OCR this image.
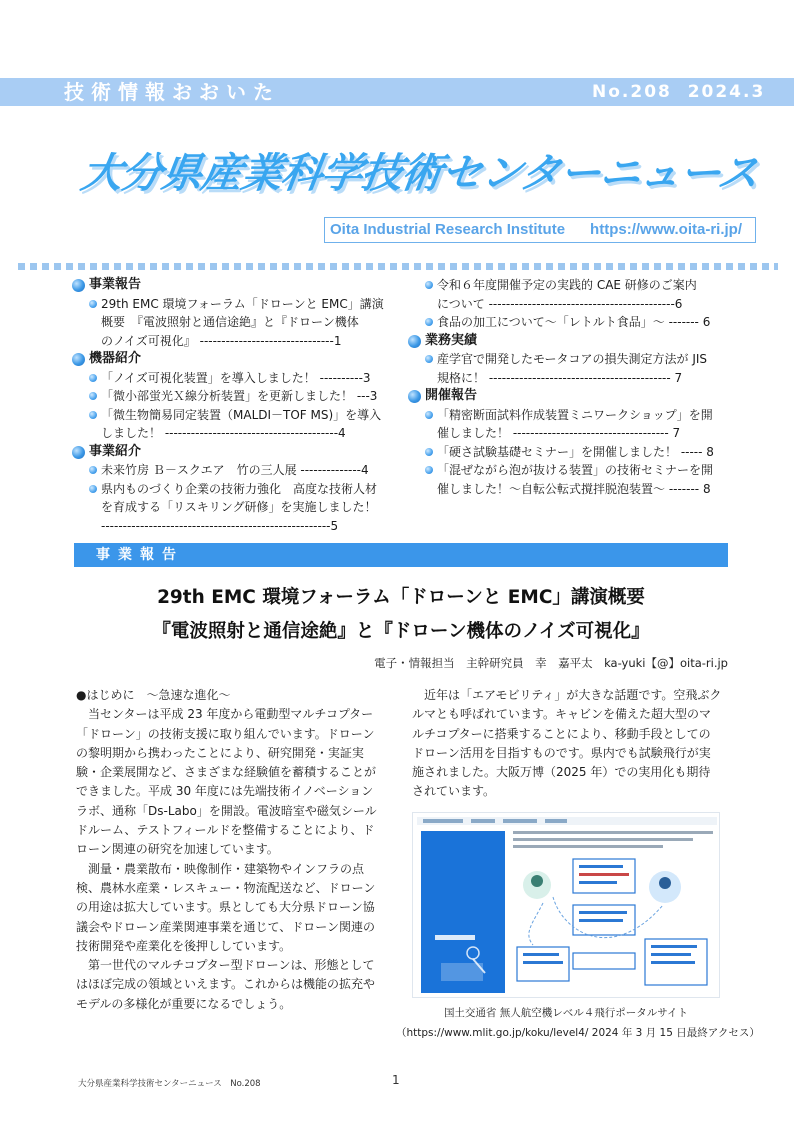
技術情報おおいた	No.208  2024.3
大分県産業科学技術センターニュース
Oita Industrial Research Institute      https://www.oita-ri.jp/
事業報告

29th EMC 環境フォーラム「ドローンと EMC」講演
概要　『電波照射と通信途絶』と『ドローン機体
のノイズ可視化』 -------------------------------1

機器紹介

「ノイズ可視化装置」を導入しました！ ----------3

「微小部蛍光Ｘ線分析装置」を更新しました！ ---3

「微生物簡易同定装置（MALDI－TOF MS)」を導入
しました！ ----------------------------------------4

事業紹介

未来竹房 Ｂ－スクエア　竹の三人展 --------------4

県内ものづくり企業の技術力強化　高度な技術人材
を育成する「リスキリング研修」を実施しました！
-----------------------------------------------------5

令和６年度開催予定の実践的 CAE 研修のご案内
について -------------------------------------------6

食品の加工について～「レトルト食品」～ ------- 6

業務実績

産学官で開発したモータコアの損失測定方法が JIS
規格に！ ------------------------------------------ 7

開催報告

「精密断面試料作成装置ミニワークショップ」を開
催しました！ ------------------------------------ 7

「硬さ試験基礎セミナー」を開催しました！ ----- 8

「混ぜながら泡が抜ける装置」の技術セミナーを開
催しました！～自転公転式撹拌脱泡装置～ ------- 8

事業報告
29th EMC 環境フォーラム「ドローンと EMC」講演概要
『電波照射と通信途絶』と『ドローン機体のノイズ可視化』
電子・情報担当　主幹研究員　幸　嘉平太　ka-yuki【@】oita-ri.jp

●はじめに　～急速な進化～

　当センターは平成 23 年度から電動型マルチコプター「ドローン」の技術支援に取り組んでいます。ドローンの黎明期から携わったことにより、研究開発・実証実験・企業展開など、さまざまな経験値を蓄積することができました。平成 30 年度には先端技術イノベーションラボ、通称「Ds-Labo」を開設。電波暗室や磁気シールドルーム、テストフィールドを整備することにより、ドローン関連の研究を加速しています。

　測量・農業散布・映像制作・建築物やインフラの点検、農林水産業・レスキュー・物流配送など、ドローンの用途は拡大しています。県としても大分県ドローン協議会やドローン産業関連事業を通じて、ドローン関連の技術開発や産業化を後押ししています。

　第一世代のマルチコプター型ドローンは、形態としてはほぼ完成の領域といえます。これからは機能の拡充やモデルの多様化が重要になるでしょう。

　近年は「エアモビリティ」が大きな話題です。空飛ぶクルマとも呼ばれています。キャビンを備えた超大型のマルチコプターに搭乗することにより、移動手段としてのドローン活用を目指すものです。県内でも試験飛行が実施されました。大阪万博（2025 年）での実用化も期待されています。

国土交通省 無人航空機レベル４飛行ポータルサイト
（https://www.mlit.go.jp/koku/level4/ 2024 年 3 月 15 日最終アクセス）
大分県産業科学技術センターニュース　No.208	1
